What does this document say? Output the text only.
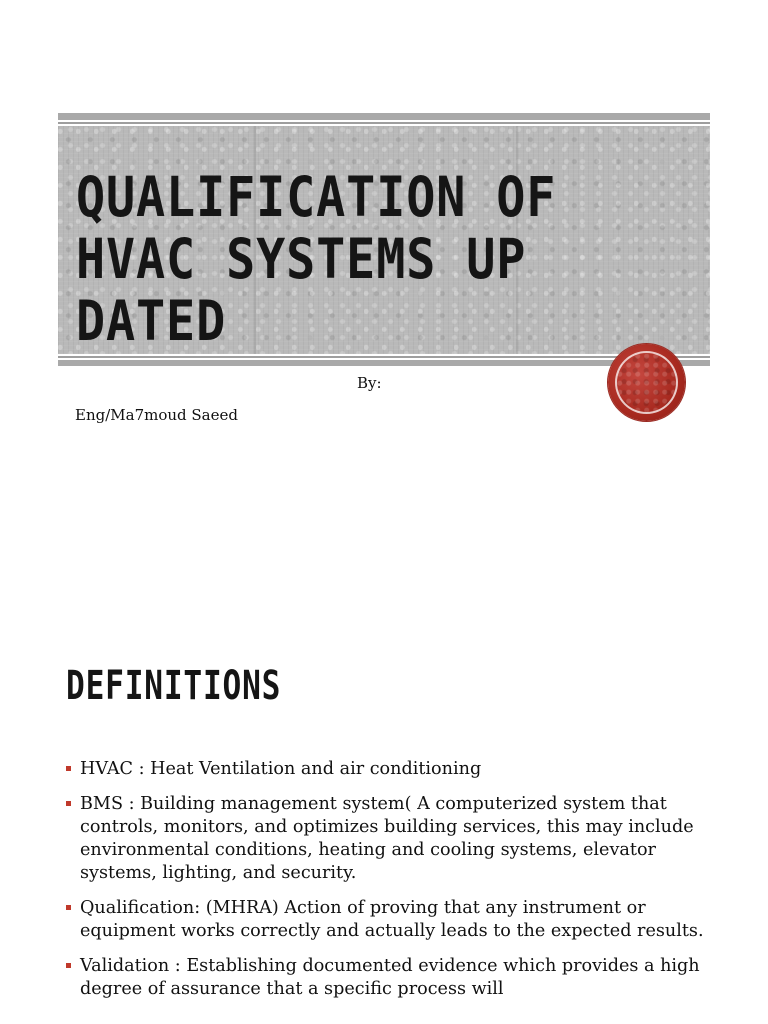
QUALIFICATION OF HVAC SYSTEMS UP DATED
By:
Eng/Ma7moud Saeed
DEFINITIONS
HVAC : Heat Ventilation and air conditioning
BMS : Building management system( A computerized system that controls, monitors, and optimizes building services, this may include environmental conditions, heating and cooling systems, elevator systems, lighting, and security.
Qualification: (MHRA) Action of proving that any instrument or equipment works correctly and actually leads to the expected results.
Validation : Establishing documented evidence which provides a high degree of assurance that a specific process will
